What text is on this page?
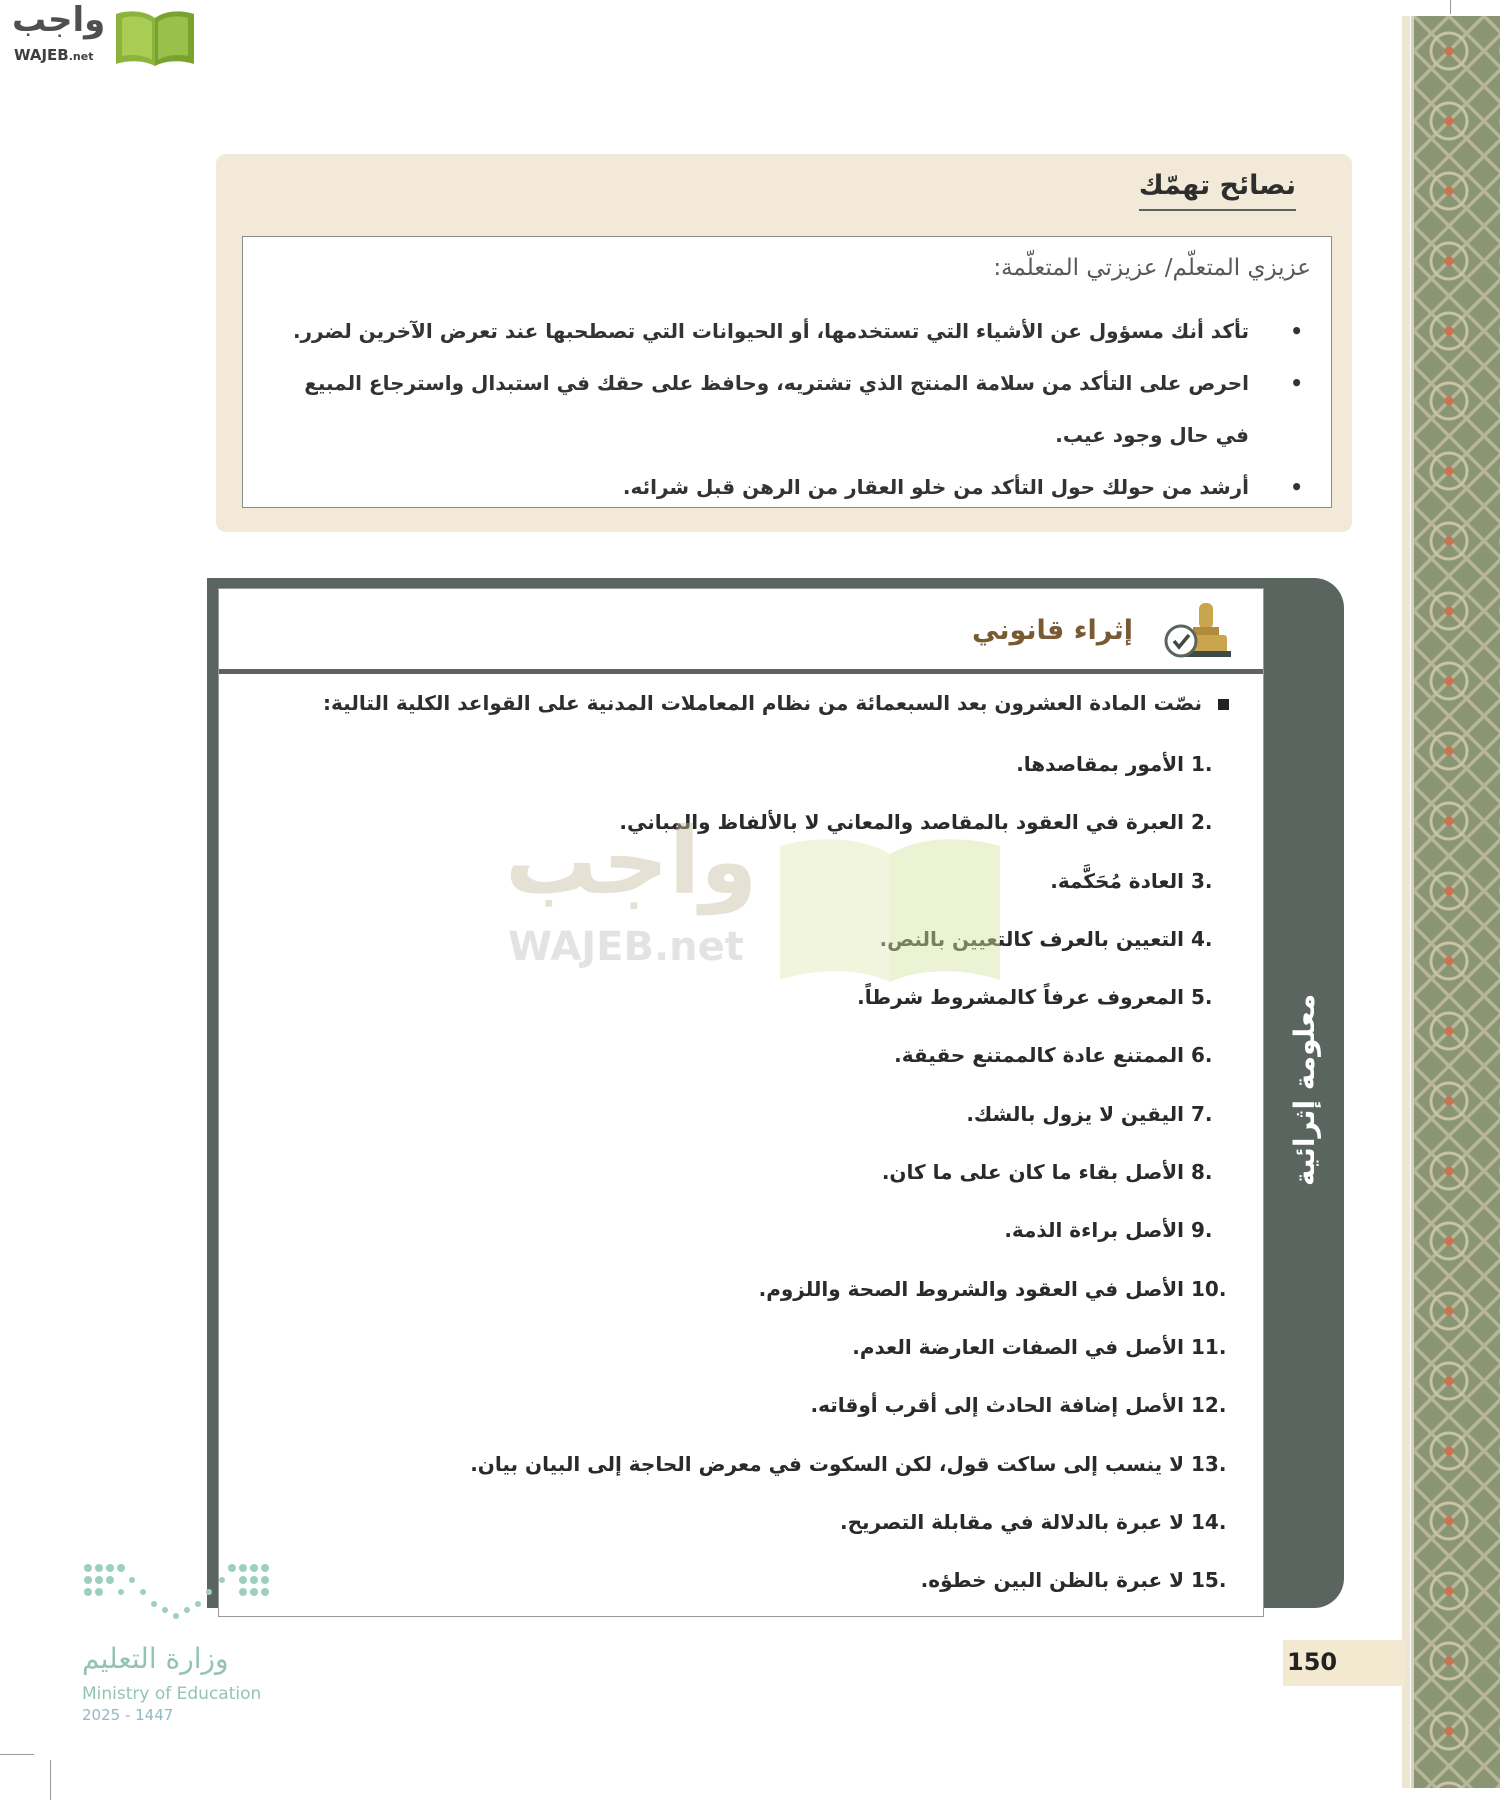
واجب
WAJEB.net
نصائح تهمّك
عزيزي المتعلّم/ عزيزتي المتعلّمة:
• تأكد أنك مسؤول عن الأشياء التي تستخدمها، أو الحيوانات التي تصطحبها عند تعرض الآخرين لضرر.
• احرص على التأكد من سلامة المنتج الذي تشتريه، وحافظ على حقك في استبدال واسترجاع المبيع في حال وجود عيب.
• أرشد من حولك حول التأكد من خلو العقار من الرهن قبل شرائه.
معلومة إثرائية
إثراء قانوني
نصّت المادة العشرون بعد السبعمائة من نظام المعاملات المدنية على القواعد الكلية التالية:
1. الأمور بمقاصدها.
2. العبرة في العقود بالمقاصد والمعاني لا بالألفاظ والمباني.
3. العادة مُحَكَّمة.
4. التعيين بالعرف كالتعيين بالنص.
5. المعروف عرفاً كالمشروط شرطاً.
6. الممتنع عادة كالممتنع حقيقة.
7. اليقين لا يزول بالشك.
8. الأصل بقاء ما كان على ما كان.
9. الأصل براءة الذمة.
10. الأصل في العقود والشروط الصحة واللزوم.
11. الأصل في الصفات العارضة العدم.
12. الأصل إضافة الحادث إلى أقرب أوقاته.
13. لا ينسب إلى ساكت قول، لكن السكوت في معرض الحاجة إلى البيان بيان.
14. لا عبرة بالدلالة في مقابلة التصريح.
15. لا عبرة بالظن البين خطؤه.
واجب
WAJEB.net
150
وزارة التعليم
Ministry of Education
2025 - 1447
